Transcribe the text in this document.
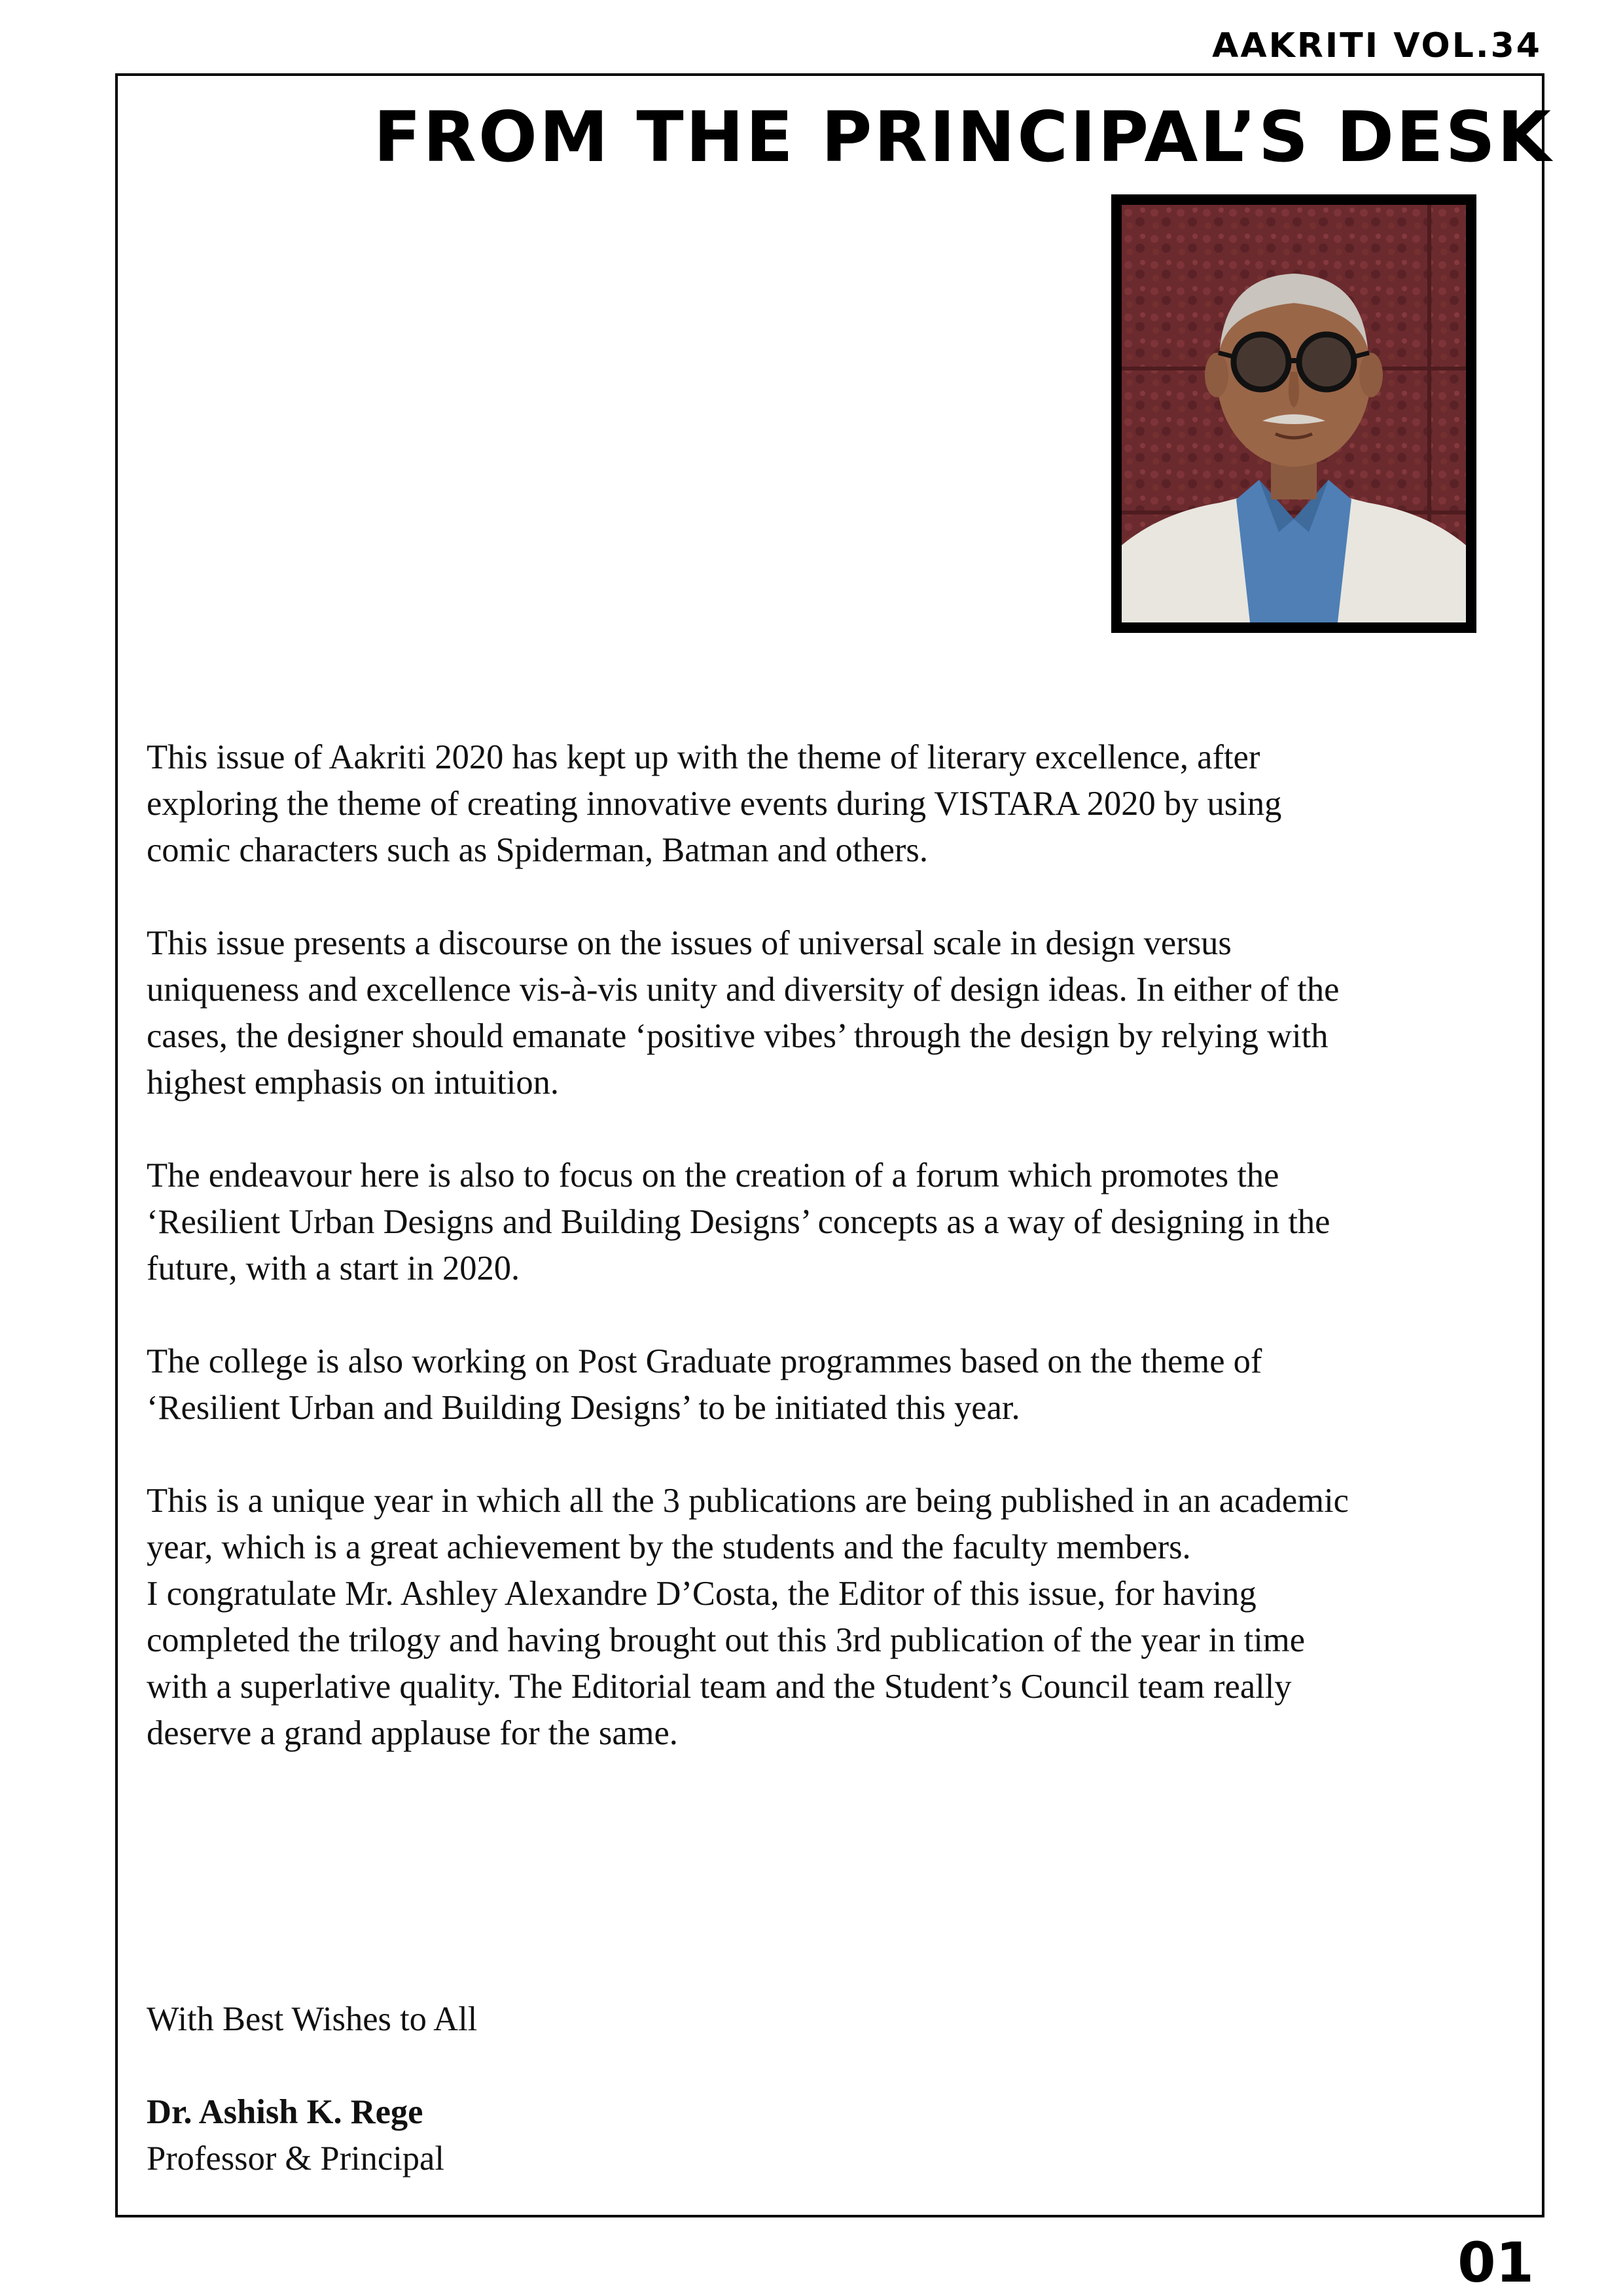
AAKRITI VOL.34
FROM THE PRINCIPAL’S DESK

This issue of Aakriti 2020 has kept up with the theme of literary excellence, after
exploring the theme of creating innovative events during VISTARA 2020 by using
comic characters such as Spiderman, Batman and others.

This issue presents a discourse on the issues of universal scale in design versus
uniqueness and excellence vis-à-vis unity and diversity of design ideas. In either of the
cases, the designer should emanate ‘positive vibes’ through the design by relying with
highest emphasis on intuition.

The endeavour here is also to focus on the creation of a forum which promotes the
‘Resilient Urban Designs and Building Designs’ concepts as a way of designing in the
future, with a start in 2020.

The college is also working on Post Graduate programmes based on the theme of
‘Resilient Urban and Building Designs’ to be initiated this year.

This is a unique year in which all the 3 publications are being published in an academic
year, which is a great achievement by the students and the faculty members.
I congratulate Mr. Ashley Alexandre D’Costa, the Editor of this issue, for having
completed the trilogy and having brought out this 3rd publication of the year in time
with a superlative quality. The Editorial team and the Student’s Council team really
deserve a grand applause for the same.

With Best Wishes to All

Dr. Ashish K. Rege

Professor & Principal

01
